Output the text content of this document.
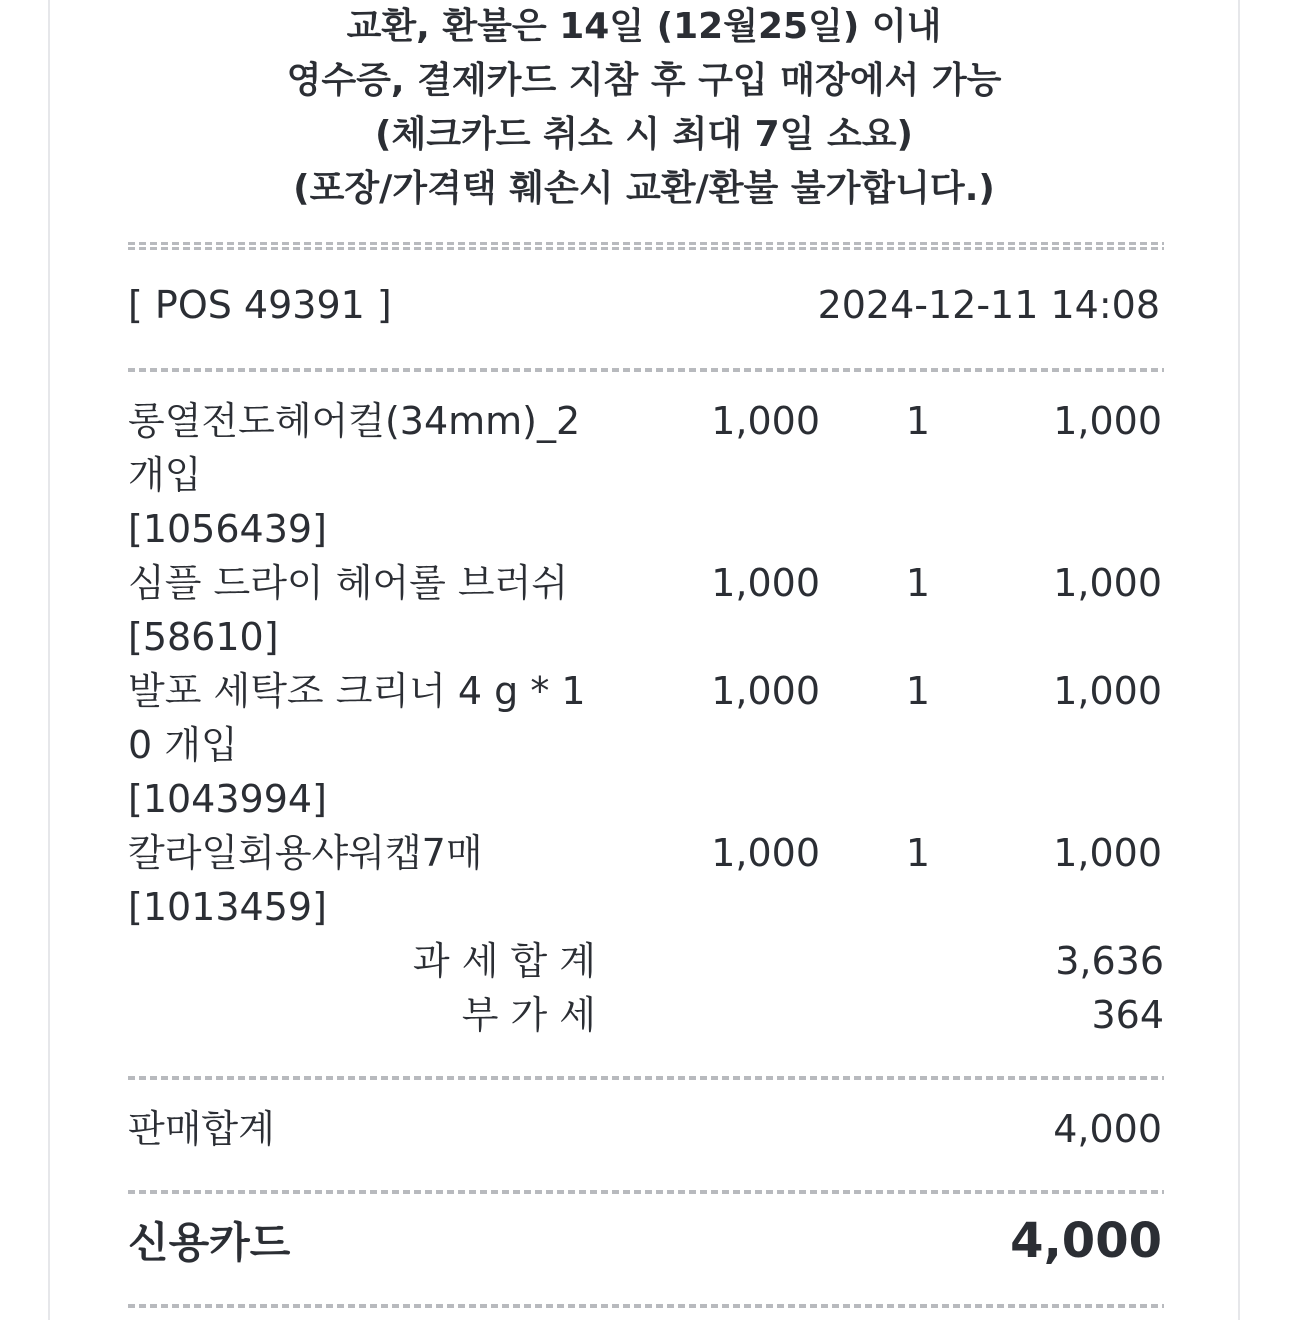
교환, 환불은 14일 (12월25일) 이내
영수증, 결제카드 지참 후 구입 매장에서 가능
(체크카드 취소 시 최대 7일 소요)
(포장/가격택 훼손시 교환/환불 불가합니다.)
[ POS 49391 ]	2024-12-11 14:08
롱열전도헤어컬(34mm)_2
개입
[1056439]
1,000	1	1,000
심플 드라이 헤어롤 브러쉬
[58610]
1,000	1	1,000
발포 세탁조 크리너 4 g * 1
0 개입
[1043994]
1,000	1	1,000
칼라일회용샤워캡7매
[1013459]
1,000	1	1,000
과 세 합 계	3,636
부 가 세	364
판매합계	4,000
신용카드	4,000
